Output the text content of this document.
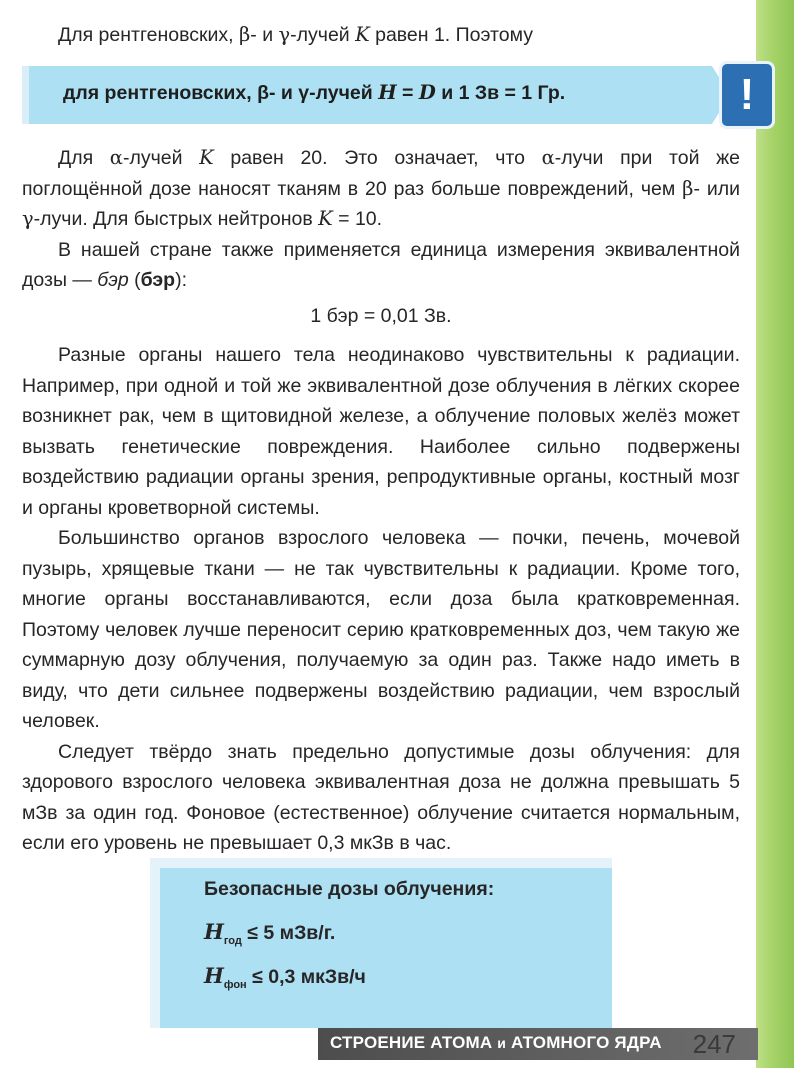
Для рентгеновских, β- и γ-лучей K равен 1. Поэтому

для рентгеновских, β- и γ-лучей H = D и 1 Зв = 1 Гр.	!

Для α-лучей K равен 20. Это означает, что α-лучи при той же поглощённой дозе наносят тканям в 20 раз больше повреждений, чем β- или γ-лучи. Для быстрых нейтронов K = 10.

В нашей стране также применяется единица измерения эквивалентной дозы — бэр (бэр):

1 бэр = 0,01 Зв.

Разные органы нашего тела неодинаково чувствительны к радиации. Например, при одной и той же эквивалентной дозе облучения в лёгких скорее возникнет рак, чем в щитовидной железе, а облучение половых желёз может вызвать генетические повреждения. Наиболее сильно подвержены воздействию радиации органы зрения, репродуктивные органы, костный мозг и органы кроветворной системы.

Большинство органов взрослого человека — почки, печень, мочевой пузырь, хрящевые ткани — не так чувствительны к радиации. Кроме того, многие органы восстанавливаются, если доза была кратковременная. Поэтому человек лучше переносит серию кратковременных доз, чем такую же суммарную дозу облучения, получаемую за один раз. Также надо иметь в виду, что дети сильнее подвержены воздействию радиации, чем взрослый человек.

Следует твёрдо знать предельно допустимые дозы облучения: для здорового взрослого человека эквивалентная доза не должна превышать 5 мЗв за один год. Фоновое (естественное) облучение считается нормальным, если его уровень не превышает 0,3 мкЗв в час.

Безопасные дозы облучения:
$H_{год} \le 5$ мЗв/г.
$H_{фон} \le 0,3$ мкЗв/ч
СТРОЕНИЕ АТОМА и АТОМНОГО ЯДРА 247
